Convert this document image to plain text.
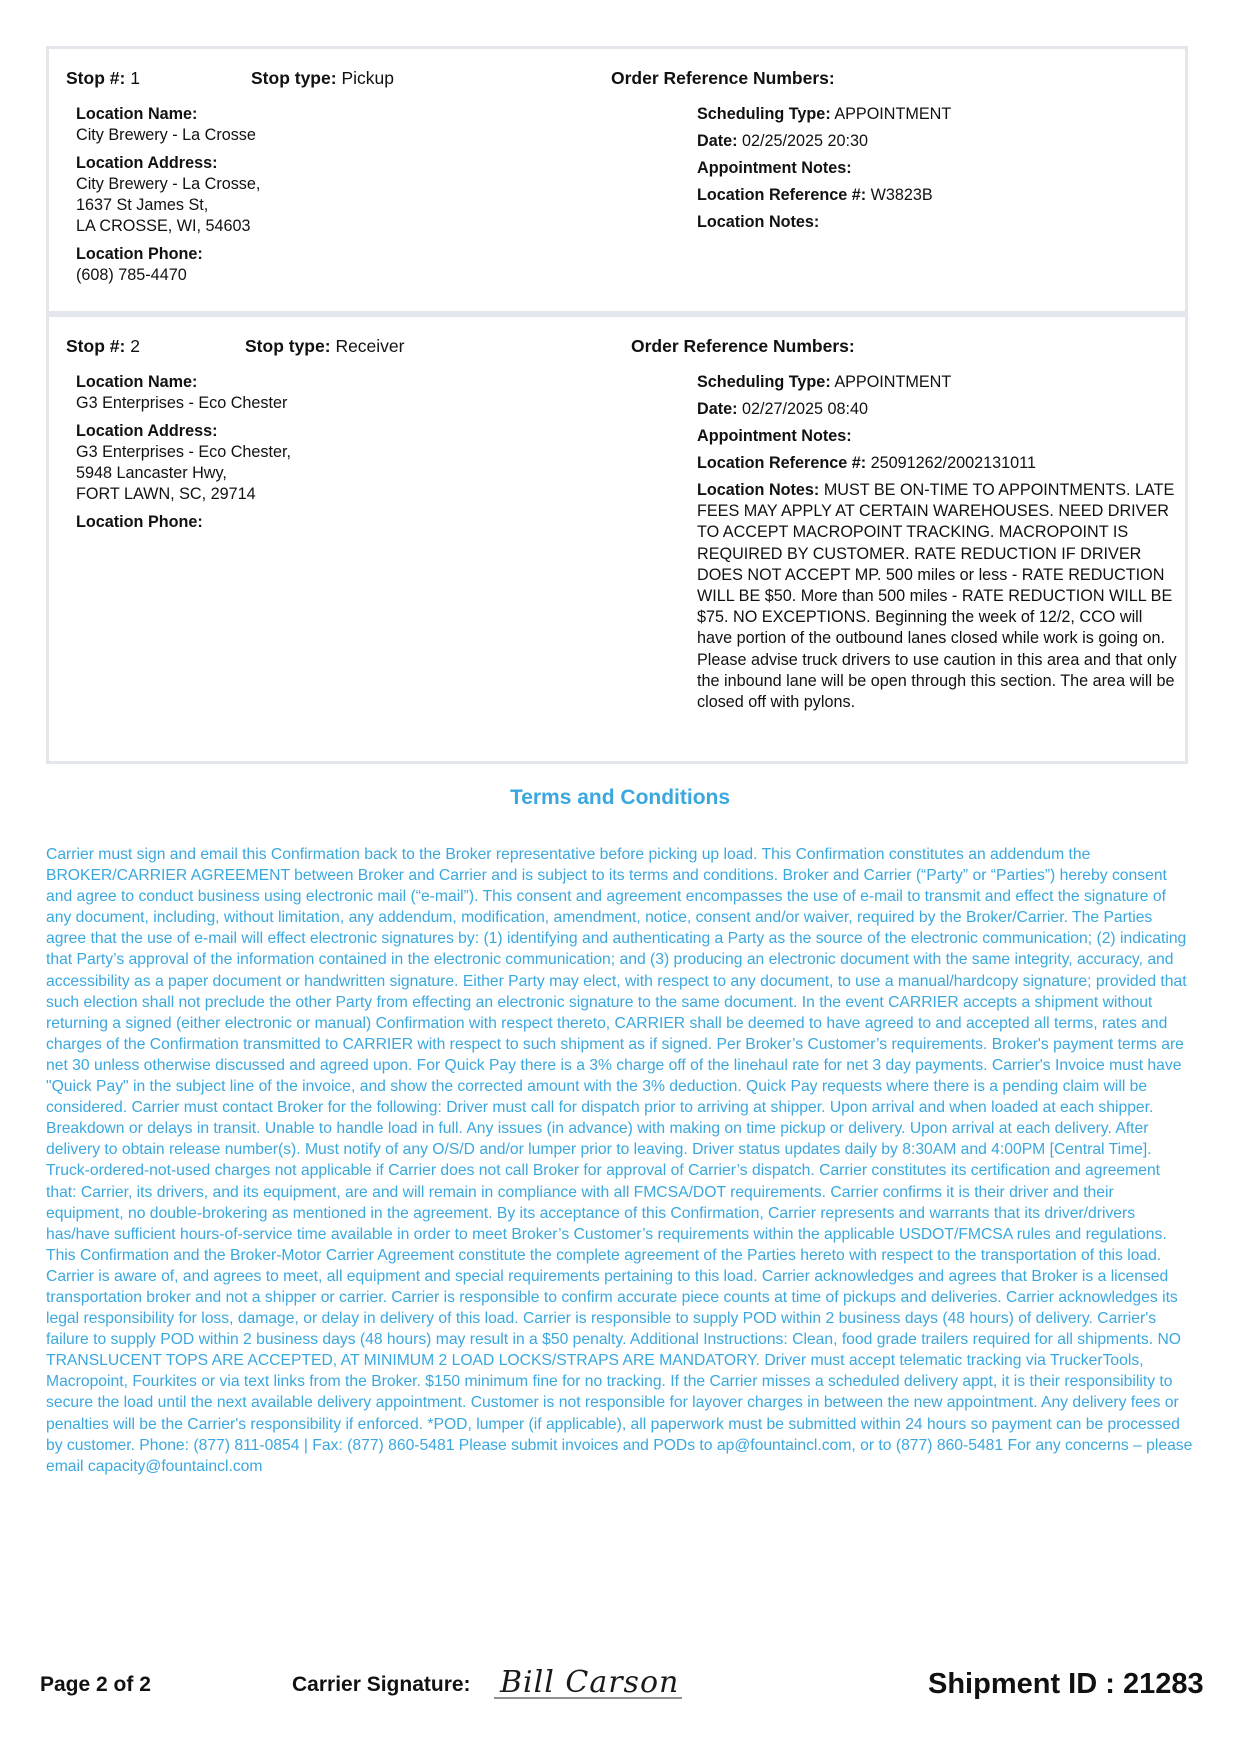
Stop #: 1	Stop type: Pickup	Order Reference Numbers:
Location Name:
City Brewery - La Crosse
Location Address:
City Brewery - La Crosse,
1637 St James St,
LA CROSSE, WI, 54603
Location Phone:
(608) 785-4470
Scheduling Type: APPOINTMENT
Date: 02/25/2025 20:30
Appointment Notes:
Location Reference #: W3823B
Location Notes:
Stop #: 2	Stop type: Receiver	Order Reference Numbers:
Location Name:
G3 Enterprises - Eco Chester
Location Address:
G3 Enterprises - Eco Chester,
5948 Lancaster Hwy,
FORT LAWN, SC, 29714
Location Phone:
Scheduling Type: APPOINTMENT
Date: 02/27/2025 08:40
Appointment Notes:
Location Reference #: 25091262/2002131011
Location Notes: MUST BE ON-TIME TO APPOINTMENTS. LATE FEES MAY APPLY AT CERTAIN WAREHOUSES. NEED DRIVER TO ACCEPT MACROPOINT TRACKING. MACROPOINT IS REQUIRED BY CUSTOMER. RATE REDUCTION IF DRIVER DOES NOT ACCEPT MP. 500 miles or less - RATE REDUCTION WILL BE $50. More than 500 miles - RATE REDUCTION WILL BE $75. NO EXCEPTIONS. Beginning the week of 12/2, CCO will have portion of the outbound lanes closed while work is going on. Please advise truck drivers to use caution in this area and that only the inbound lane will be open through this section. The area will be closed off with pylons.
Terms and Conditions
Carrier must sign and email this Confirmation back to the Broker representative before picking up load. This Confirmation constitutes an addendum the BROKER/CARRIER AGREEMENT between Broker and Carrier and is subject to its terms and conditions. Broker and Carrier (“Party” or “Parties”) hereby consent and agree to conduct business using electronic mail (“e-mail”). This consent and agreement encompasses the use of e-mail to transmit and effect the signature of any document, including, without limitation, any addendum, modification, amendment, notice, consent and/or waiver, required by the Broker/Carrier. The Parties agree that the use of e-mail will effect electronic signatures by: (1) identifying and authenticating a Party as the source of the electronic communication; (2) indicating that Party’s approval of the information contained in the electronic communication; and (3) producing an electronic document with the same integrity, accuracy, and accessibility as a paper document or handwritten signature. Either Party may elect, with respect to any document, to use a manual/hardcopy signature; provided that such election shall not preclude the other Party from effecting an electronic signature to the same document. In the event CARRIER accepts a shipment without returning a signed (either electronic or manual) Confirmation with respect thereto, CARRIER shall be deemed to have agreed to and accepted all terms, rates and charges of the Confirmation transmitted to CARRIER with respect to such shipment as if signed. Per Broker’s Customer’s requirements. Broker's payment terms are net 30 unless otherwise discussed and agreed upon. For Quick Pay there is a 3% charge off of the linehaul rate for net 3 day payments. Carrier's Invoice must have "Quick Pay" in the subject line of the invoice, and show the corrected amount with the 3% deduction. Quick Pay requests where there is a pending claim will be considered. Carrier must contact Broker for the following: Driver must call for dispatch prior to arriving at shipper. Upon arrival and when loaded at each shipper. Breakdown or delays in transit. Unable to handle load in full. Any issues (in advance) with making on time pickup or delivery. Upon arrival at each delivery. After delivery to obtain release number(s). Must notify of any O/S/D and/or lumper prior to leaving. Driver status updates daily by 8:30AM and 4:00PM [Central Time]. Truck-ordered-not-used charges not applicable if Carrier does not call Broker for approval of Carrier’s dispatch. Carrier constitutes its certification and agreement that: Carrier, its drivers, and its equipment, are and will remain in compliance with all FMCSA/DOT requirements. Carrier confirms it is their driver and their equipment, no double-brokering as mentioned in the agreement. By its acceptance of this Confirmation, Carrier represents and warrants that its driver/drivers has/have sufficient hours-of-service time available in order to meet Broker’s Customer’s requirements within the applicable USDOT/FMCSA rules and regulations. This Confirmation and the Broker-Motor Carrier Agreement constitute the complete agreement of the Parties hereto with respect to the transportation of this load. Carrier is aware of, and agrees to meet, all equipment and special requirements pertaining to this load. Carrier acknowledges and agrees that Broker is a licensed transportation broker and not a shipper or carrier. Carrier is responsible to confirm accurate piece counts at time of pickups and deliveries. Carrier acknowledges its legal responsibility for loss, damage, or delay in delivery of this load. Carrier is responsible to supply POD within 2 business days (48 hours) of delivery. Carrier's failure to supply POD within 2 business days (48 hours) may result in a $50 penalty. Additional Instructions: Clean, food grade trailers required for all shipments. NO TRANSLUCENT TOPS ARE ACCEPTED, AT MINIMUM 2 LOAD LOCKS/STRAPS ARE MANDATORY. Driver must accept telematic tracking via TruckerTools, Macropoint, Fourkites or via text links from the Broker. $150 minimum fine for no tracking. If the Carrier misses a scheduled delivery appt, it is their responsibility to secure the load until the next available delivery appointment. Customer is not responsible for layover charges in between the new appointment. Any delivery fees or penalties will be the Carrier's responsibility if enforced. *POD, lumper (if applicable), all paperwork must be submitted within 24 hours so payment can be processed by customer. Phone: (877) 811-0854 | Fax: (877) 860-5481 Please submit invoices and PODs to ap@fountaincl.com, or to (877) 860-5481 For any concerns – please email capacity@fountaincl.com
Page 2 of 2	Carrier Signature: Bill Carson	Shipment ID : 21283
